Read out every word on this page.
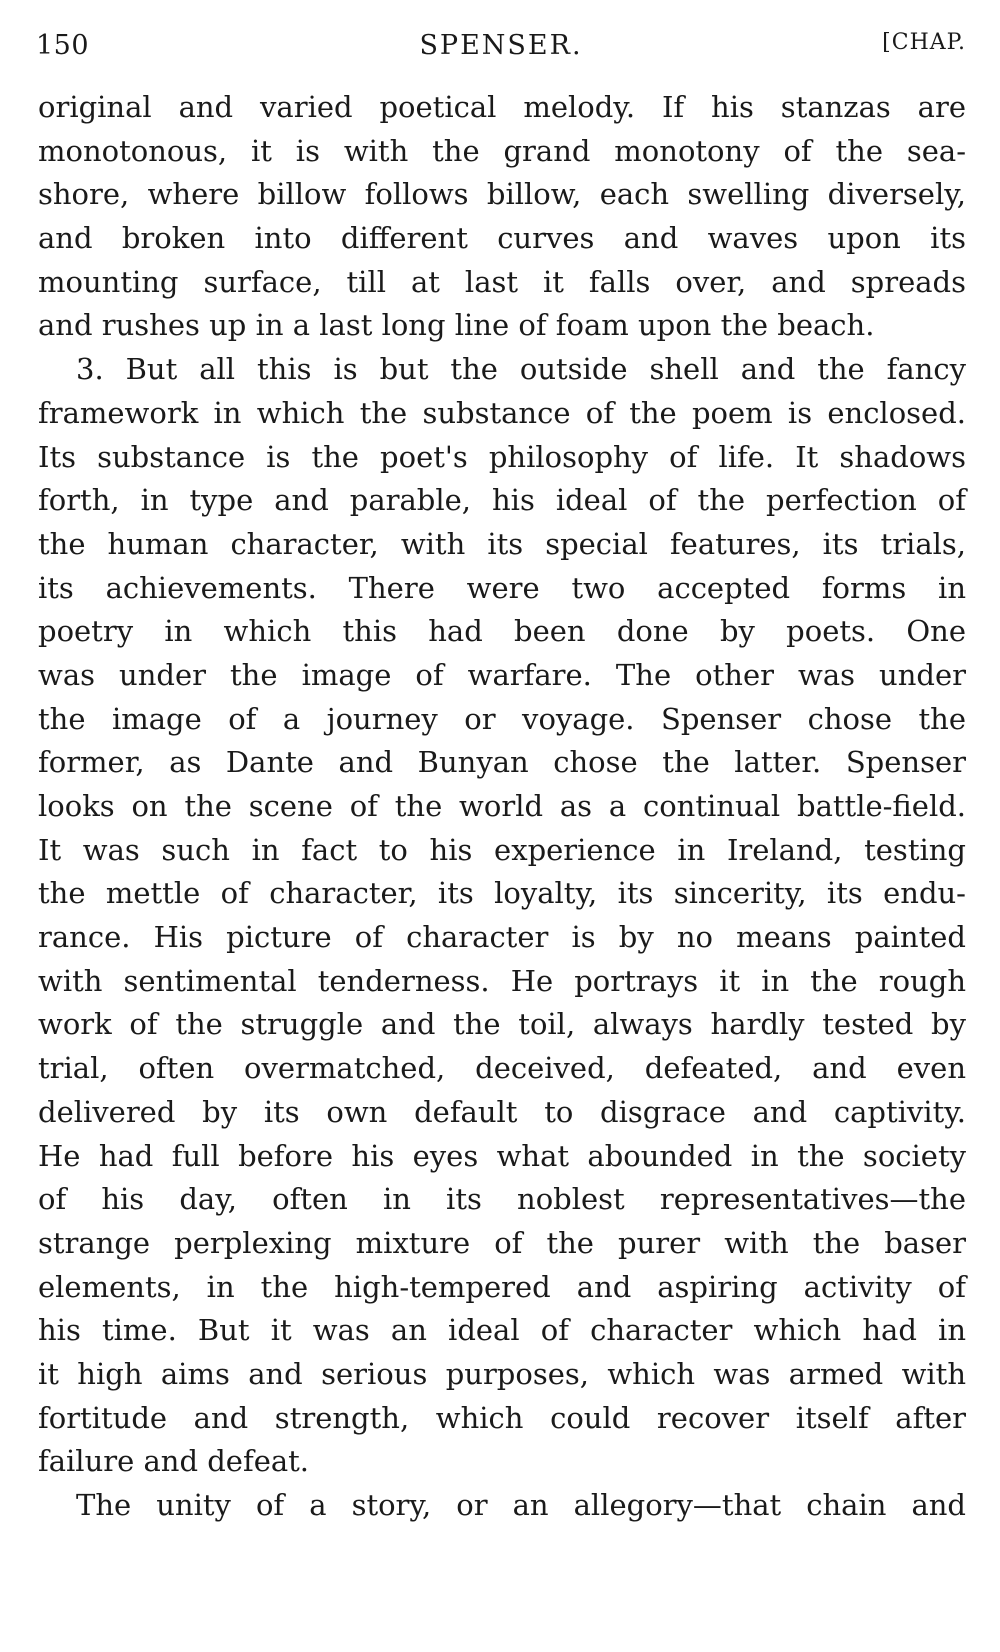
150	SPENSER.	[CHAP.
original and varied poetical melody. If his stanzas are
monotonous, it is with the grand monotony of the sea-
shore, where billow follows billow, each swelling diversely,
and broken into different curves and waves upon its
mounting surface, till at last it falls over, and spreads
and rushes up in a last long line of foam upon the beach.
3. But all this is but the outside shell and the fancy
framework in which the substance of the poem is enclosed.
Its substance is the poet's philosophy of life. It shadows
forth, in type and parable, his ideal of the perfection of
the human character, with its special features, its trials,
its achievements. There were two accepted forms in
poetry in which this had been done by poets. One
was under the image of warfare. The other was under
the image of a journey or voyage. Spenser chose the
former, as Dante and Bunyan chose the latter. Spenser
looks on the scene of the world as a continual battle-field.
It was such in fact to his experience in Ireland, testing
the mettle of character, its loyalty, its sincerity, its endu-
rance. His picture of character is by no means painted
with sentimental tenderness. He portrays it in the rough
work of the struggle and the toil, always hardly tested by
trial, often overmatched, deceived, defeated, and even
delivered by its own default to disgrace and captivity.
He had full before his eyes what abounded in the society
of his day, often in its noblest representatives—the
strange perplexing mixture of the purer with the baser
elements, in the high-tempered and aspiring activity of
his time. But it was an ideal of character which had in
it high aims and serious purposes, which was armed with
fortitude and strength, which could recover itself after
failure and defeat.
The unity of a story, or an allegory—that chain and
